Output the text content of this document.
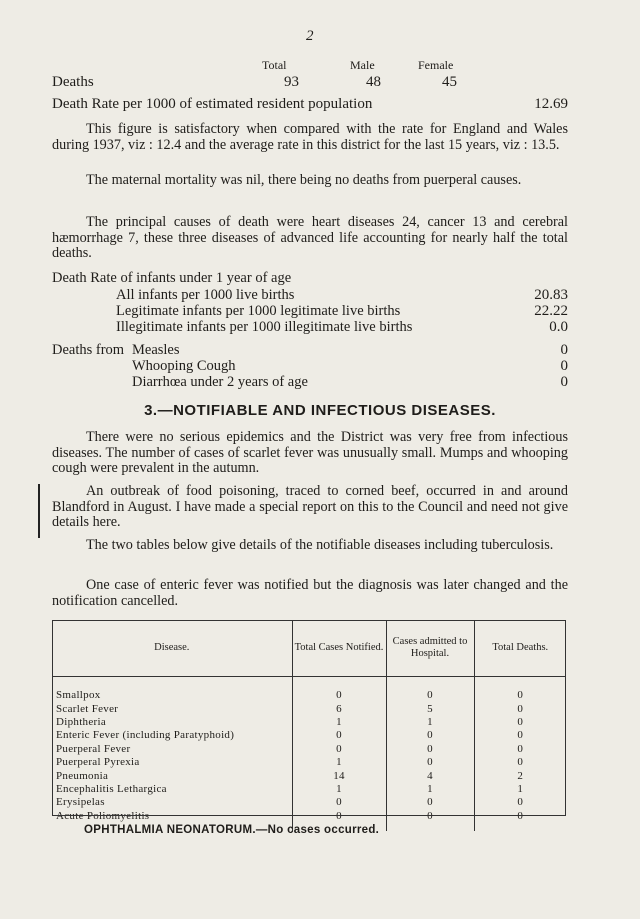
2
Total	Male	Female
Deaths	93	48	45
Death Rate per 1000 of estimated resident population	12.69

This figure is satisfactory when compared with the rate for England and Wales during 1937, viz : 12.4 and the average rate in this district for the last 15 years, viz : 13.5.

The maternal mortality was nil, there being no deaths from puerperal causes.

The principal causes of death were heart diseases 24, cancer 13 and cerebral hæmorrhage 7, these three diseases of advanced life accounting for nearly half the total deaths.

Death Rate of infants under 1 year of age
All infants per 1000 live births	20.83
Legitimate infants per 1000 legitimate live births	22.22
Illegitimate infants per 1000 illegitimate live births	0.0
Deaths from Measles	0
Whooping Cough	0
Diarrhœa under 2 years of age	0
3.—NOTIFIABLE AND INFECTIOUS DISEASES.

There were no serious epidemics and the District was very free from infectious diseases. The number of cases of scarlet fever was unusually small. Mumps and whooping cough were prevalent in the autumn.

An outbreak of food poisoning, traced to corned beef, occurred in and around Blandford in August. I have made a special report on this to the Council and need not give details here.

The two tables below give details of the notifiable diseases including tuberculosis.

One case of enteric fever was notified but the diagnosis was later changed and the notification cancelled.

Disease.	Total Cases Notified.	Cases admitted to Hospital.	Total Deaths.

Smallpox	0	0	0
Scarlet Fever	6	5	0
Diphtheria	1	1	0
Enteric Fever (including Paratyphoid)	0	0	0
Puerperal Fever	0	0	0
Puerperal Pyrexia	1	0	0
Pneumonia	14	4	2
Encephalitis Lethargica	1	1	1
Erysipelas	0	0	0
Acute Poliomyelitis	0	0	0

OPHTHALMIA NEONATORUM.—No cases occurred.
